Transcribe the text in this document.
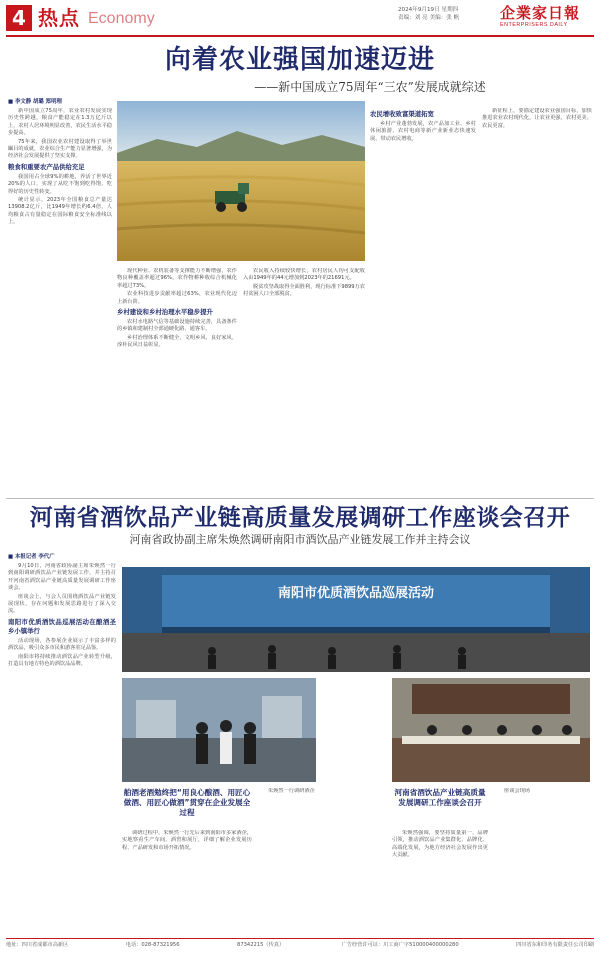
4 热点 Economy	2024年9月19日 星期四
责编：刘 亮 美编：张 帆	企業家日報
ENTERPRISERS DAILY
向着农业强国加速迈进
——新中国成立75周年“三农”发展成就综述
■ 李文静 胡璐 郑明理

新中国成立75周年，农业农村发展实现历史性跨越，粮食产能稳定在1.3万亿斤以上，农村人居环境明显改善，农民生活水平稳步提高。

75年来，我国农业农村建设取得了举世瞩目的成就，农业综合生产能力显著增强，为经济社会发展提供了坚实支撑。

粮食和重要农产品供给充足

我国用占全球9%的耕地，养活了世界近20%的人口，实现了从吃不饱到吃得饱、吃得好的历史性转变。

统计显示，2023年全国粮食总产量达13908.2亿斤，比1949年增长约6.4倍，人均粮食占有量稳定在国际粮食安全标准线以上。

现代种业、农机装备等支撑能力不断增强，农作物良种覆盖率超过96%，农作物耕种收综合机械化率超过73%。

农业科技进步贡献率超过63%，农业现代化迈上新台阶。

乡村建设和乡村治理水平稳步提升

农村水电路气信等基础设施持续完善，具备条件的乡镇和建制村全部通硬化路、通客车。

乡村治理体系不断健全，文明乡风、良好家风、淳朴民风日益彰显。

农民收入持续较快增长，农村居民人均可支配收入由1949年的44元增加到2023年的21691元。

脱贫攻坚战取得全面胜利，现行标准下9899万农村贫困人口全部脱贫。

农民增收致富渠道拓宽

乡村产业蓬勃发展，农产品加工业、乡村休闲旅游、农村电商等新产业新业态快速发展，带动农民增收。

新征程上，要锚定建设农业强国目标，加快推进农业农村现代化，让农业更强、农村更美、农民更富。

河南省酒饮品产业链高质量发展调研工作座谈会召开
河南省政协副主席朱焕然调研南阳市酒饮品产业链发展工作并主持会议
■ 本报记者 李代广
南阳市优质酒饮品巡展活动

9月10日，河南省政协副主席朱焕然一行到南阳调研酒饮品产业链发展工作，并主持召开河南省酒饮品产业链高质量发展调研工作座谈会。

座谈会上，与会人员围绕酒饮品产业链发展现状、存在问题和发展思路进行了深入交流。

南阳市优质酒饮品巡展活动在酿酒圣乡小镇举行

活动现场，各参展企业展示了丰富多样的酒饮品，吸引众多市民和游客驻足品鉴。

南阳市将持续推动酒饮品产业转型升级，打造具有地方特色的酒饮品品牌。

舶酒老酒勉终把“用良心酿酒、用匠心做酒、用匠心做酒”贯穿在企业发展全过程

调研过程中，朱焕然一行先后来到南阳市多家酒企，实地察看生产车间、酒窖和展厅，详细了解企业发展历程、产品研发和市场开拓情况。

朱焕然一行调研酒企	河南省酒饮品产业链高质量发展调研工作座谈会召开

朱焕然强调，要坚持质量第一、品牌引领，推动酒饮品产业集群化、品牌化、高端化发展，为地方经济社会发展作出更大贡献。

座谈会现场

地址：四川省成都市高新区	电话：028-87321956	87342215（传真）	广告经营许可证：川工商广字510000400000280	四川省东和印务有限责任公司印刷
